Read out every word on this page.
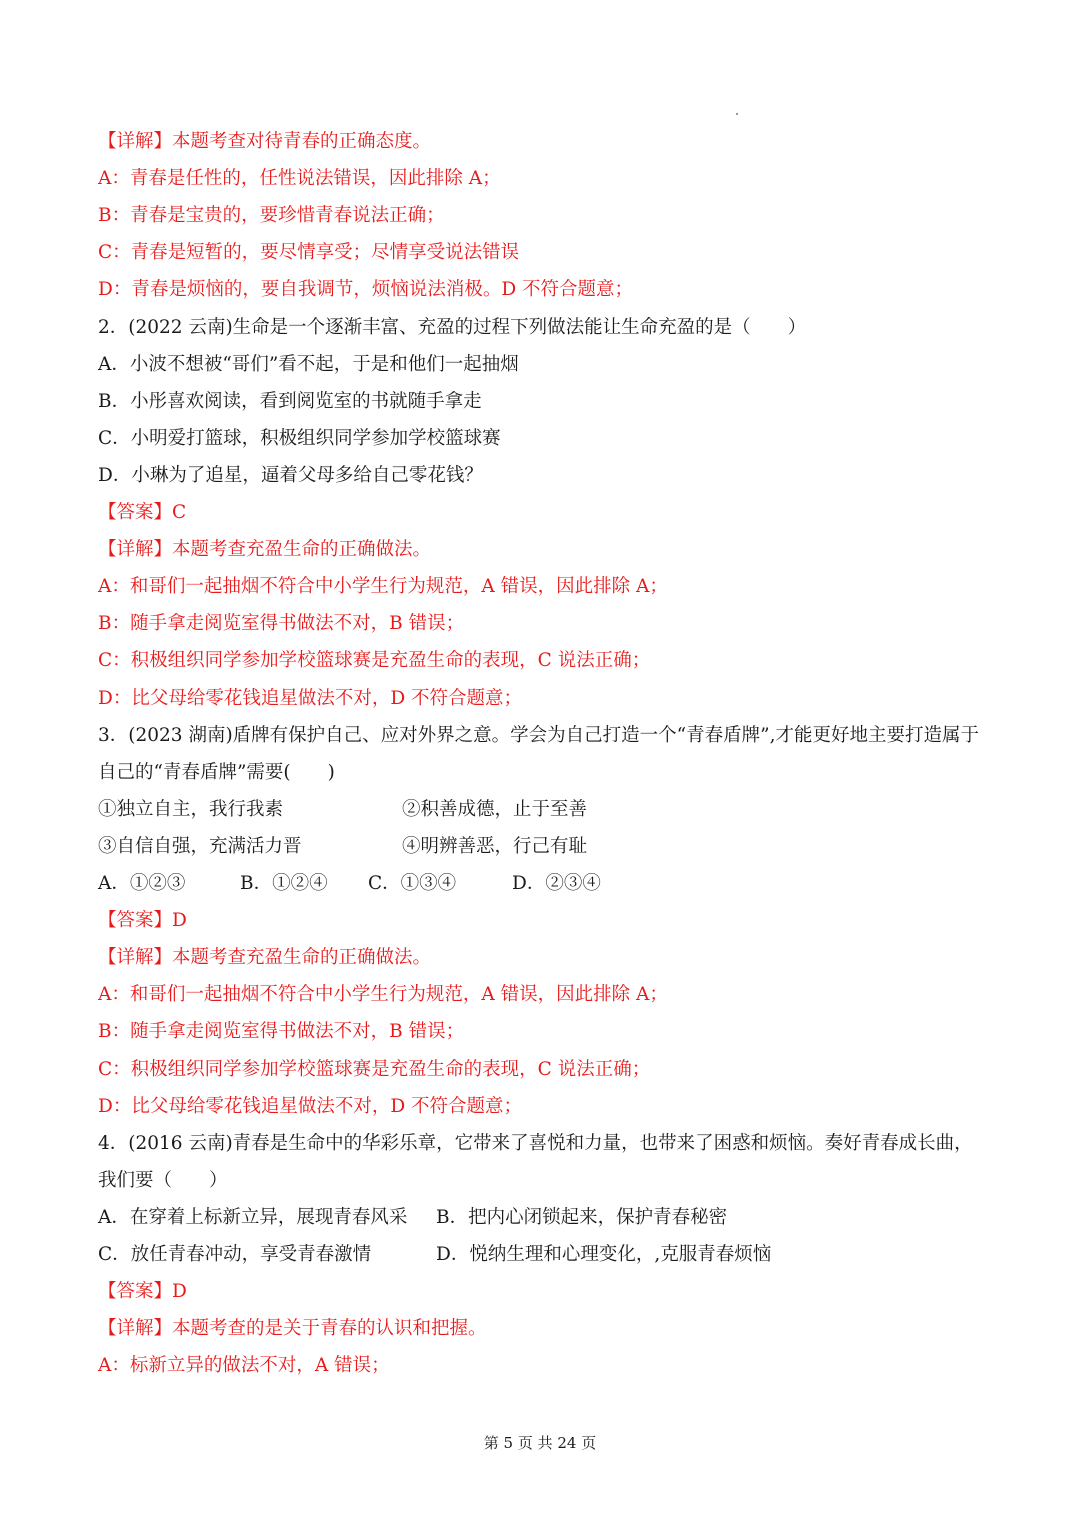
第 5 页 共 24 页
【详解】本题考查对待青春的正确态度。
A：青春是任性的，任性说法错误，因此排除 A；
B：青春是宝贵的，要珍惜青春说法正确；
C：青春是短暂的，要尽情享受；尽情享受说法错误
D：青春是烦恼的，要自我调节，烦恼说法消极。D 不符合题意；
2．(2022 云南)生命是一个逐渐丰富、充盈的过程下列做法能让生命充盈的是（　　）
A．小波不想被“哥们”看不起，于是和他们一起抽烟
B．小彤喜欢阅读，看到阅览室的书就随手拿走
C．小明爱打篮球，积极组织同学参加学校篮球赛
D．小琳为了追星，逼着父母多给自己零花钱？
【答案】C
【详解】本题考查充盈生命的正确做法。
A：和哥们一起抽烟不符合中小学生行为规范，A 错误，因此排除 A；
B：随手拿走阅览室得书做法不对，B 错误；
C：积极组织同学参加学校篮球赛是充盈生命的表现，C 说法正确；
D：比父母给零花钱追星做法不对，D 不符合题意；
3．(2023 湖南)盾牌有保护自己、应对外界之意。学会为自己打造一个“青春盾牌”,才能更好地主要打造属于
自己的“青春盾牌”需要(　　)
①独立自主，我行我素	②积善成德，止于至善
③自信自强，充满活力晋	④明辨善恶，行己有耻
A．①②③	B．①②④ C．①③④	D．②③④
【答案】D
【详解】本题考查充盈生命的正确做法。
A：和哥们一起抽烟不符合中小学生行为规范，A 错误，因此排除 A；
B：随手拿走阅览室得书做法不对，B 错误；
C：积极组织同学参加学校篮球赛是充盈生命的表现，C 说法正确；
D：比父母给零花钱追星做法不对，D 不符合题意；
4．(2016 云南)青春是生命中的华彩乐章，它带来了喜悦和力量，也带来了困惑和烦恼。奏好青春成长曲，
我们要（　　）
A．在穿着上标新立异，展现青春风采 B．把内心闭锁起来，保护青春秘密
C．放任青春冲动，享受青春激情	D．悦纳生理和心理变化，,克服青春烦恼
【答案】D
【详解】本题考查的是关于青春的认识和把握。
A：标新立异的做法不对，A 错误；
